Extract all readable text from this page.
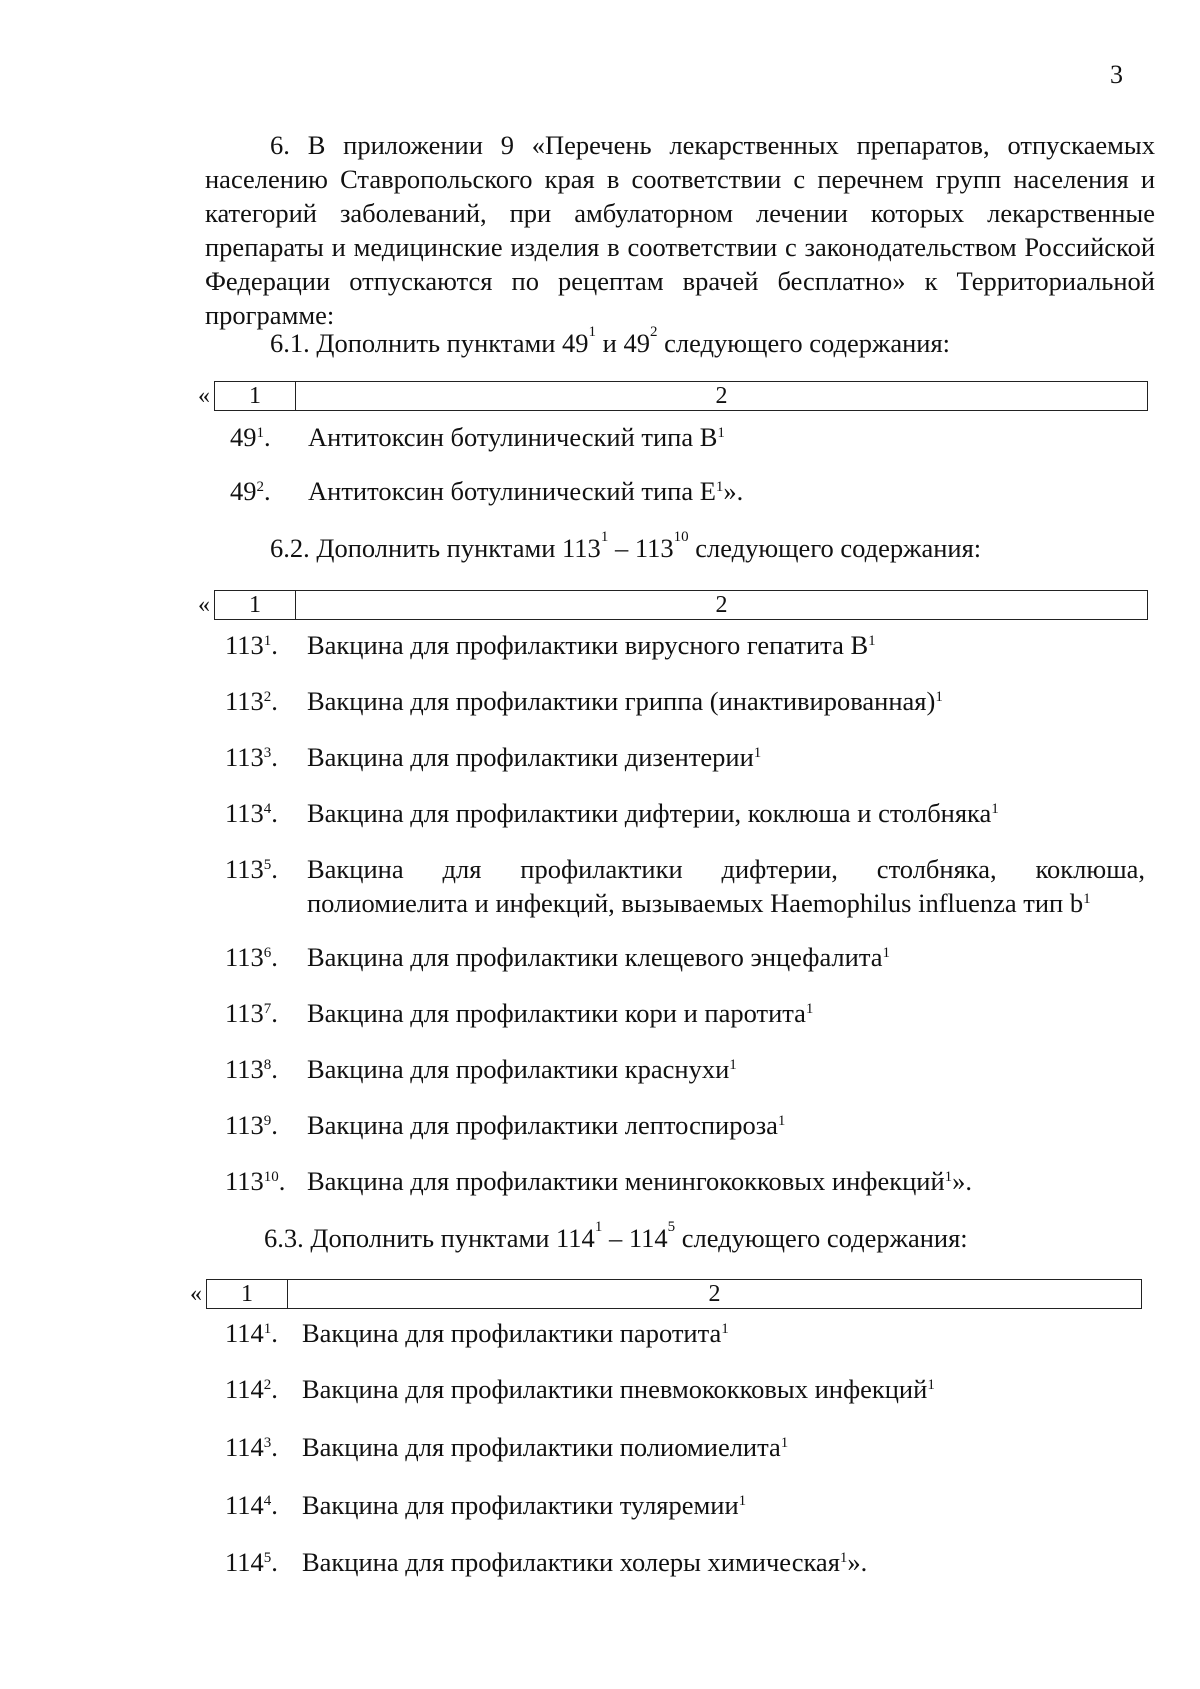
3
6. В приложении 9 «Перечень лекарственных препаратов, отпускаемых населению Ставропольского края в соответствии с перечнем групп населения и категорий заболеваний, при амбулаторном лечении которых лекарственные препараты и медицинские изделия в соответствии с законодательством Российской Федерации отпускаются по рецептам врачей бесплатно» к Территориальной программе:
6.1. Дополнить пунктами $49^1$ и $49^2$ следующего содержания:
«	1	2
$49^1$.	Антитоксин ботулинический типа $В^1$
$49^2$.	Антитоксин ботулинический типа $Е^1$».
6.2. Дополнить пунктами $113^1 - 113^{10}$ следующего содержания:
«	1	2
$113^1$.	Вакцина для профилактики вирусного гепатита $В^1$
$113^2$.	Вакцина для профилактики гриппа (инактивированная)$^1$
$113^3$.	Вакцина для профилактики дизентерии$^1$
$113^4$.	Вакцина для профилактики дифтерии, коклюша и столбняка$^1$
$113^5$.	Вакцина для профилактики дифтерии, столбняка, коклюша, полиомиелита и инфекций, вызываемых Haemophilus influenza тип $b^1$
$113^6$.	Вакцина для профилактики клещевого энцефалита$^1$
$113^7$.	Вакцина для профилактики кори и паротита$^1$
$113^8$.	Вакцина для профилактики краснухи$^1$
$113^9$.	Вакцина для профилактики лептоспироза$^1$
$113^{10}$. Вакцина для профилактики менингококковых инфекций$^1$».
6.3. Дополнить пунктами $114^1 - 114^5$ следующего содержания:
«	1	2
$114^1$. Вакцина для профилактики паротита$^1$
$114^2$. Вакцина для профилактики пневмококковых инфекций$^1$
$114^3$. Вакцина для профилактики полиомиелита$^1$
$114^4$. Вакцина для профилактики туляремии$^1$
$114^5$. Вакцина для профилактики холеры химическая$^1$».
